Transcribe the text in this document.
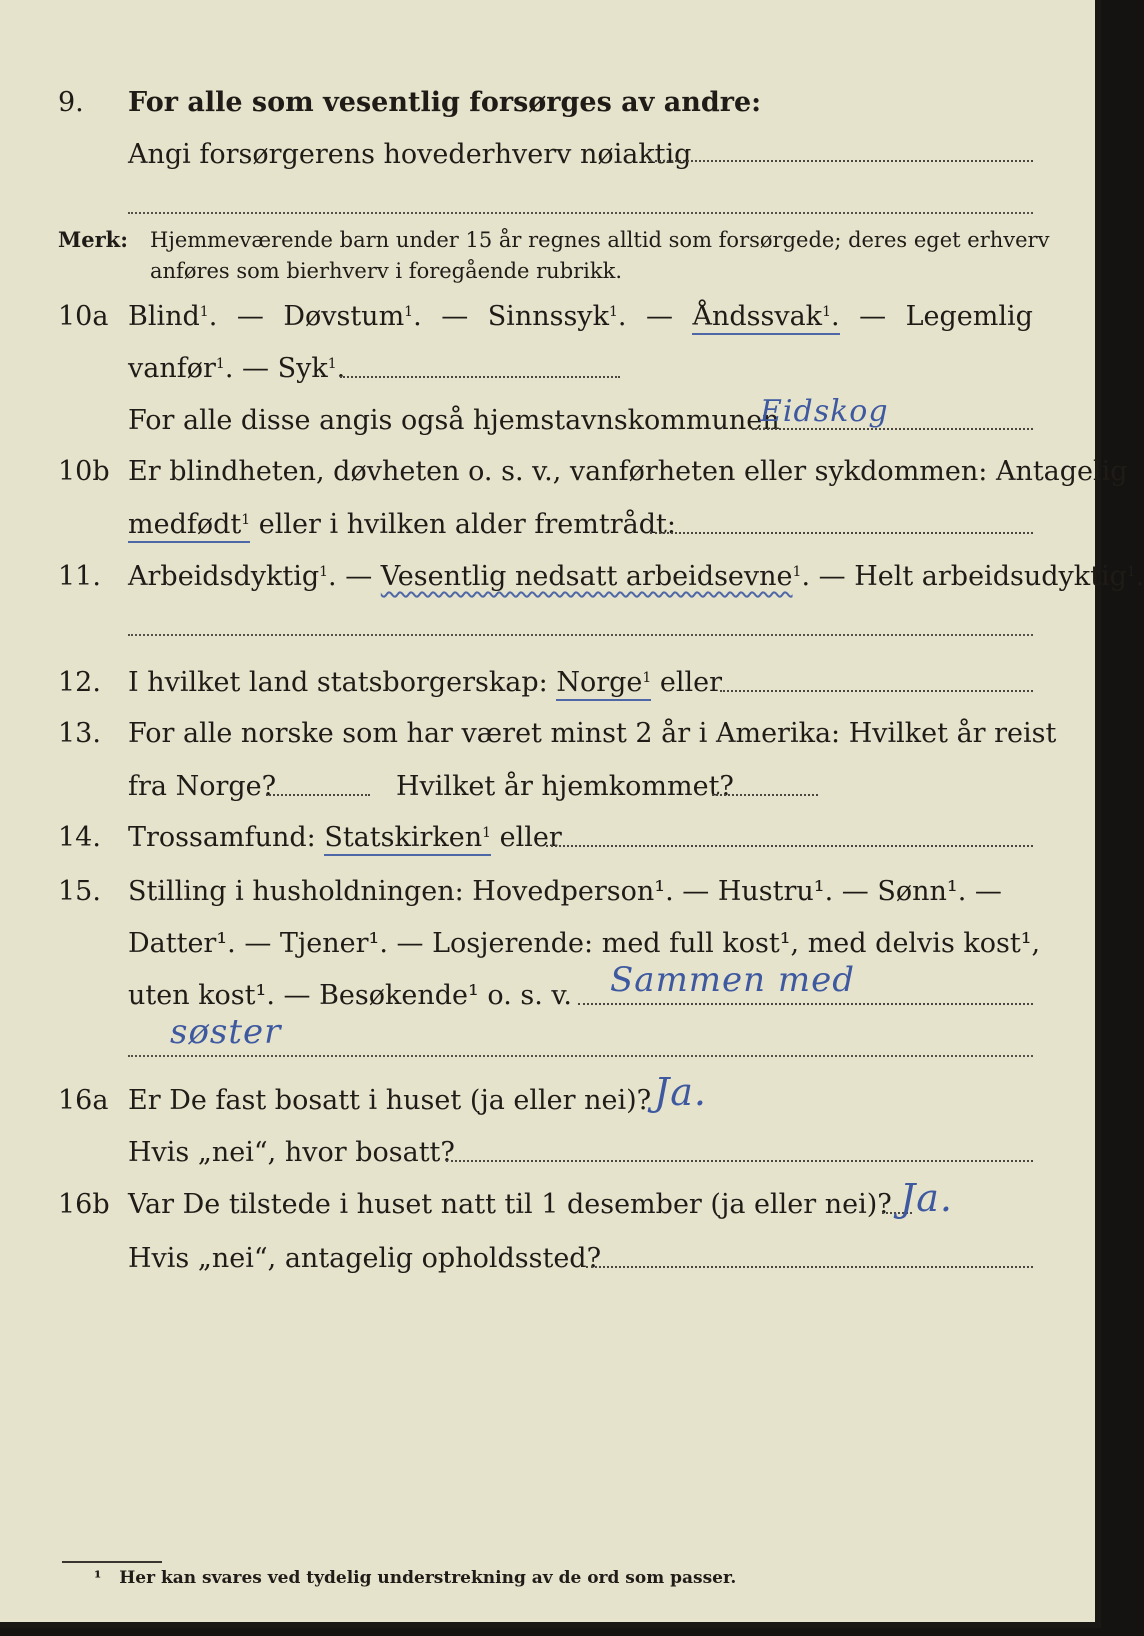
9. For alle som vesentlig forsørges av andre:
Angi forsørgerens hovederhverv nøiaktig
Merk: Hjemmeværende barn under 15 år regnes alltid som forsørgede; deres eget erhverv
anføres som bierhverv i foregående rubrikk.
10a Blind$^1$. — Døvstum$^1$. — Sinnssyk$^1$. — Åndssvak$^1$. — Legemlig
vanfør$^1$. — Syk$^1$.
For alle disse angis også hjemstavnskommunen
Eidskog
10b Er blindheten, døvheten o. s. v., vanførheten eller sykdommen: Antagelig
medfødt$^1$ eller i hvilken alder fremtrådt:
11. Arbeidsdyktig$^1$. — Vesentlig nedsatt arbeidsevne$^1$. — Helt arbeidsudyktig$^1$.
12. I hvilket land statsborgerskap: Norge$^1$ eller
13. For alle norske som har været minst 2 år i Amerika: Hvilket år reist
fra Norge?	Hvilket år hjemkommet?
14. Trossamfund: Statskirken$^1$ eller
15. Stilling i husholdningen: Hovedperson¹. — Hustru¹. — Sønn¹. —
Datter¹. — Tjener¹. — Losjerende: med full kost¹, med delvis kost¹,
uten kost¹. — Besøkende¹ o. s. v. Sammen med
søster
16a Er De fast bosatt i huset (ja eller nei)? Ja.
Hvis „nei“, hvor bosatt?
16b Var De tilstede i huset natt til 1 desember (ja eller nei)? Ja.
Hvis „nei“, antagelig opholdssted?
¹ Her kan svares ved tydelig understrekning av de ord som passer.
